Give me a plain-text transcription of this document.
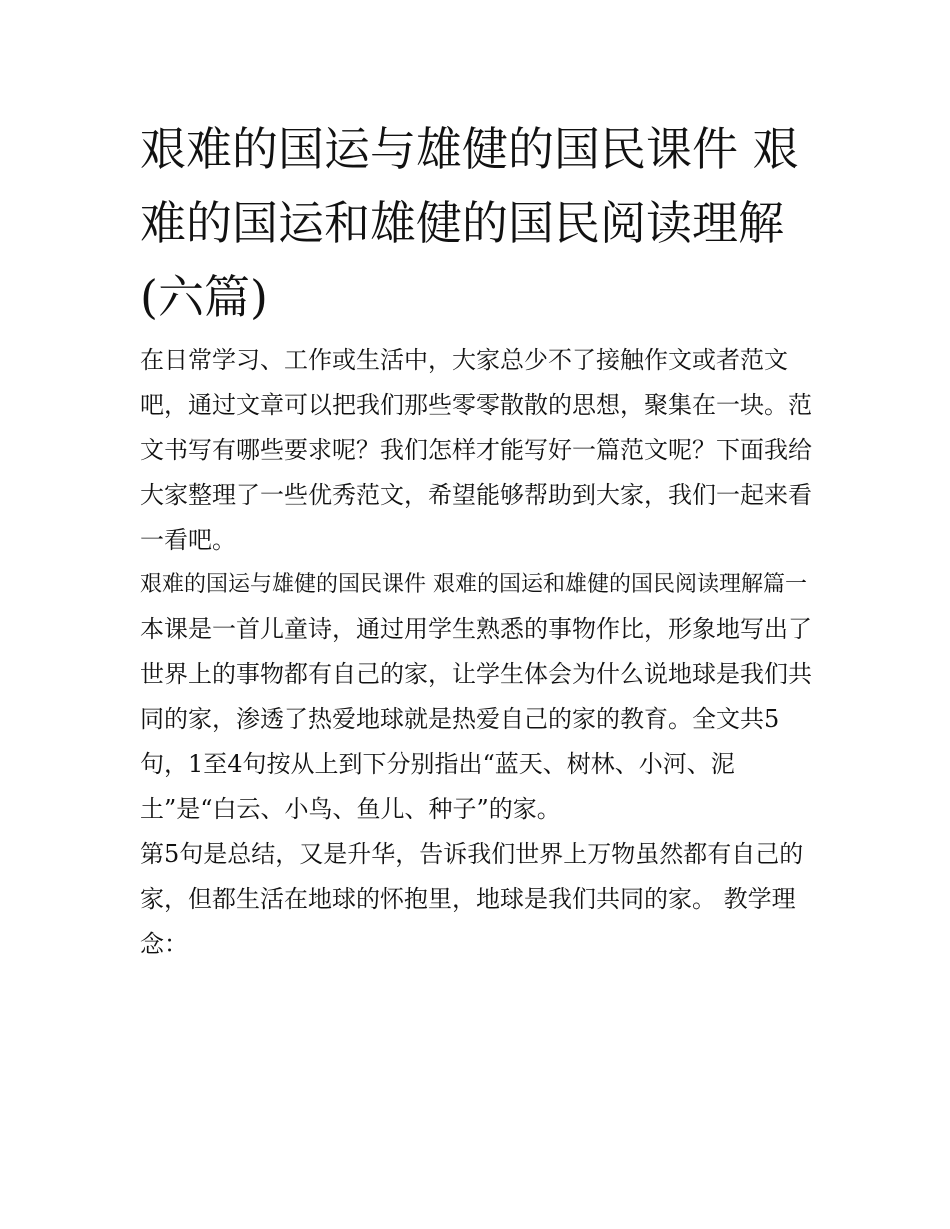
艰难的国运与雄健的国民课件 艰难的国运和雄健的国民阅读理解(六篇)

在日常学习、工作或生活中，大家总少不了接触作文或者范文吧，通过文章可以把我们那些零零散散的思想，聚集在一块。范文书写有哪些要求呢？我们怎样才能写好一篇范文呢？下面我给大家整理了一些优秀范文，希望能够帮助到大家，我们一起来看一看吧。

艰难的国运与雄健的国民课件 艰难的国运和雄健的国民阅读理解篇一

本课是一首儿童诗，通过用学生熟悉的事物作比，形象地写出了世界上的事物都有自己的家，让学生体会为什么说地球是我们共同的家，渗透了热爱地球就是热爱自己的家的教育。全文共5句，1至4句按从上到下分别指出“蓝天、树林、小河、泥土”是“白云、小鸟、鱼儿、种子”的家。

第5句是总结，又是升华，告诉我们世界上万物虽然都有自己的家，但都生活在地球的怀抱里，地球是我们共同的家。 教学理念：
